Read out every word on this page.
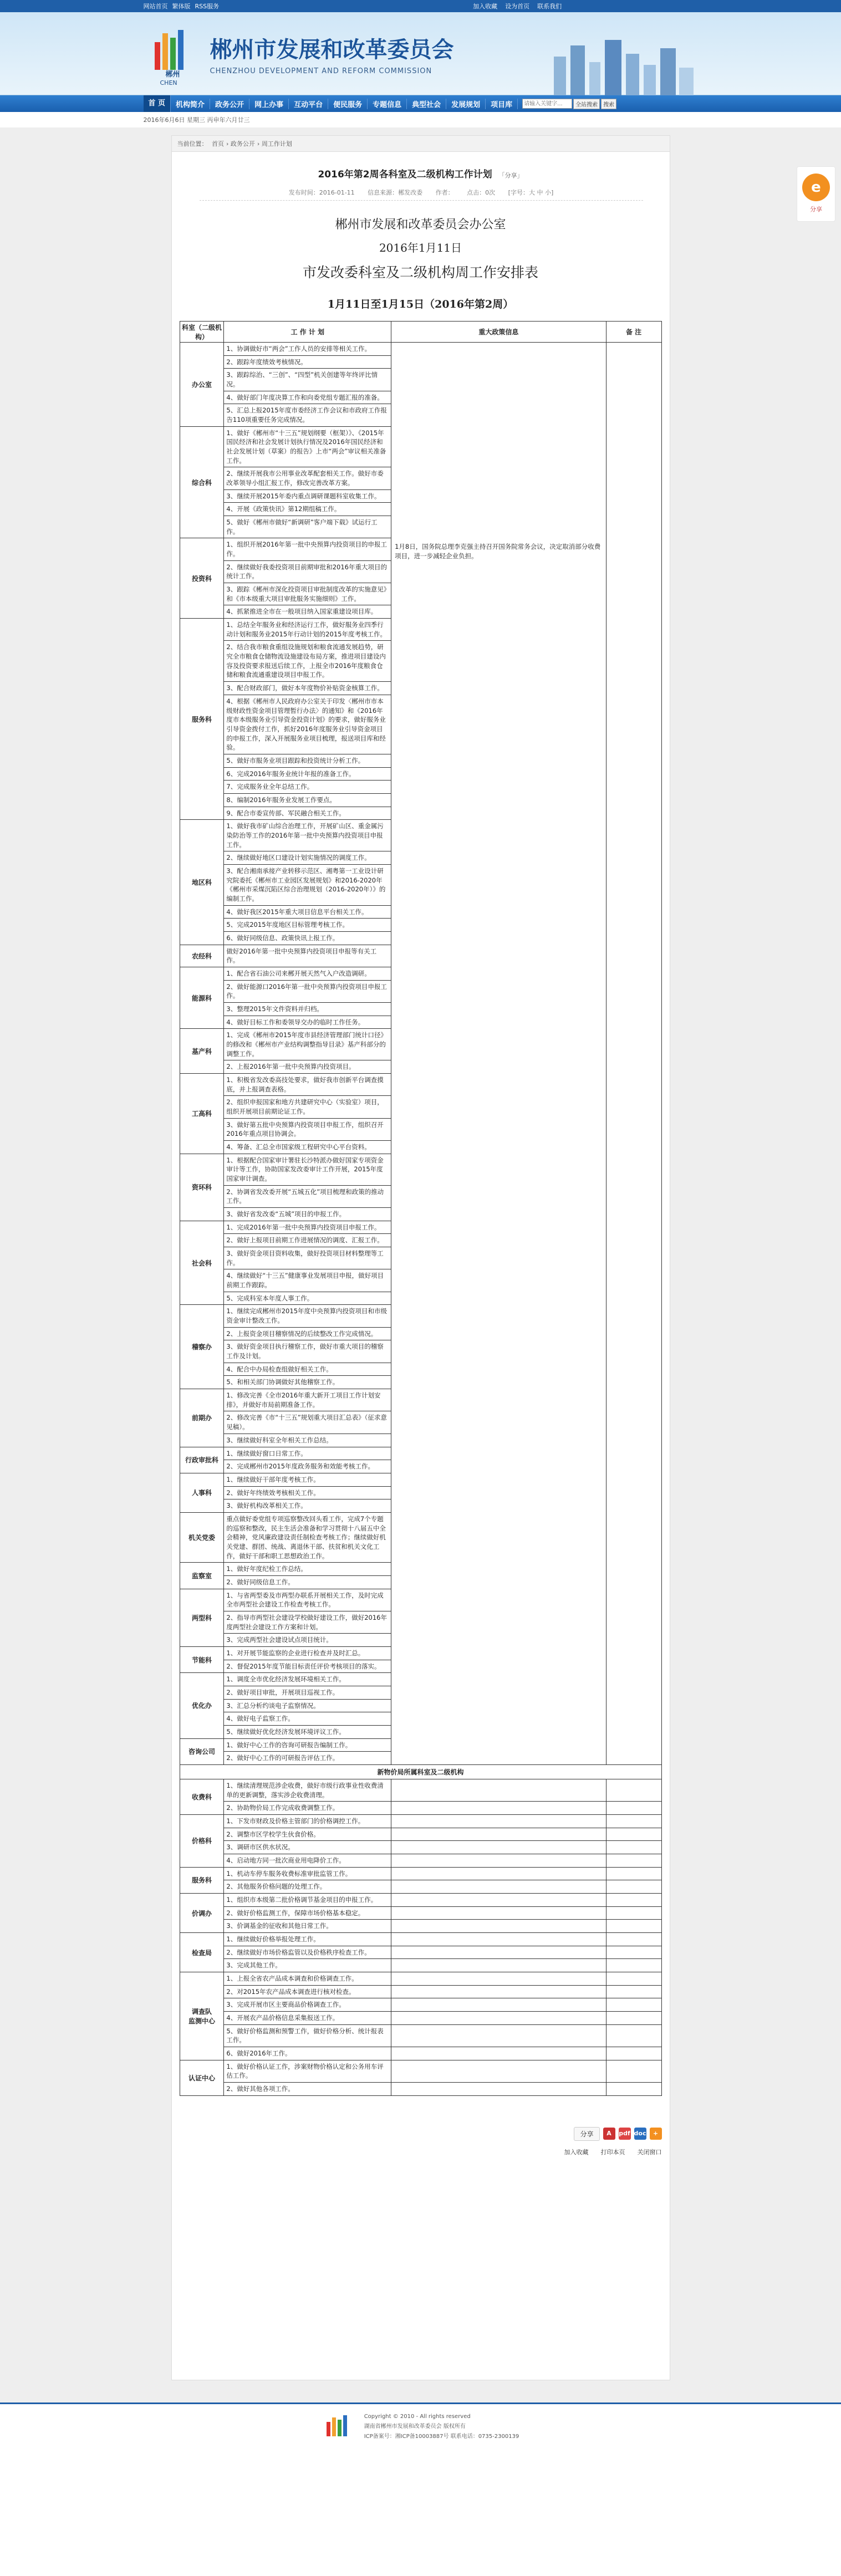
网站首页 繁体版 RSS服务	加入收藏 设为首页 联系我们
郴州
CHEN
郴州市发展和改革委员会
CHENZHOU DEVELOPMENT AND REFORM COMMISSION
首 页	机构简介	政务公开	网上办事	互动平台	便民服务	专题信息	典型社会	发展规划	项目库
请输入关键字...	全站搜索	搜索
2016年6月6日 星期三 丙申年六月廿三
当前位置： 首页 › 政务公开 › 周工作计划
2016年第2周各科室及二级机构工作计划 「分享」
发布时间：2016-01-11 信息来源：郴发改委 作者： 点击：0次 [字号：大 中 小]
郴州市发展和改革委员会办公室
2016年1月11日
市发改委科室及二级机构周工作安排表
1月11日至1月15日（2016年第2周）
科室（二级机构）	工 作 计 划	重大政策信息	备 注
办公室	1、协调做好市“两会”工作人员的安排等相关工作。	1月8日，国务院总理李克强主持召开国务院常务会议，决定取消部分收费项目，进一步减轻企业负担。	
	2、跟踪年度绩效考核情况。		
	3、跟踪综治、“三创”、“四型”机关创建等年终评比情况。		
	4、做好部门年度决算工作和向委党组专题汇报的准备。		
	5、汇总上报2015年度市委经济工作会议和市政府工作报告110项重要任务完成情况。		
综合科	1、做好《郴州市“十三五”规划纲要（框架）》、《2015年国民经济和社会发展计划执行情况及2016年国民经济和社会发展计划（草案）的报告》上市“两会”审议相关准备工作。		
	2、继续开展我市公用事业改革配套相关工作。做好市委改革领导小组汇报工作，修改完善改革方案。		
	3、继续开展2015年委内重点调研课题科室收集工作。		
	4、开展《政策快讯》第12期组稿工作。		
	5、做好《郴州市做好“新调研”客户端下载》试运行工作。		
投资科	1、组织开展2016年第一批中央预算内投资项目的申报工作。		
	2、继续做好我委投资项目前期审批和2016年重大项目的统计工作。		
	3、跟踪《郴州市深化投资项目审批制度改革的实施意见》和《市本级重大项目审批服务实施细则》工作。		
	4、抓紧推进全市在一般项目纳入国家重建设项目库。		
服务科	1、总结全年服务业和经济运行工作，做好服务业四季行动计划和服务业2015年行动计划的2015年度考核工作。		
	2、结合我市粮食重组设施规划和粮食流通发展趋势，研究全市粮食仓储物流设施建设布局方案，推进项目建设内容及投资要求报送后续工作，上报全市2016年度粮食仓储和粮食流通重建设项目申报工作。		
	3、配合财政部门，做好本年度物价补贴资金核算工作。		
	4、根据《郴州市人民政府办公室关于印发〈郴州市市本级财政性资金项目管理暂行办法〉的通知》和《2016年度市本级服务业引导资金投资计划》的要求，做好服务业引导资金拨付工作，抓好2016年度服务业引导资金项目的申报工作，深入开展服务业项目梳理，报送项目库和经验。		
	5、做好市服务业项目跟踪和投资统计分析工作。		
	6、完成2016年服务业统计年报的准备工作。		
	7、完成服务业全年总结工作。		
	8、编制2016年服务业发展工作要点。		
	9、配合市委宣传部、军民融合相关工作。		
地区科	1、做好我市矿山综合治理工作，开展矿山区、重金属污染防治等工作的2016年第一批中央预算内投资项目申报工作。		
	2、继续做好地区口建设计划实施情况的调度工作。		
	3、配合湘南承接产业转移示范区、湘粤第一工业设计研究院委托《郴州市工业园区发展规划》和2016-2020年《郴州市采煤沉陷区综合治理规划（2016-2020年）》的编制工作。		
	4、做好我区2015年重大项目信息平台相关工作。		
	5、完成2015年度地区目标管理考核工作。		
	6、做好同级信息、政策快讯上报工作。		
农经科	做好2016年第一批中央预算内投资项目申报等有关工作。		
能源科	1、配合省石油公司来郴开展天然气入户改造调研。		
	2、做好能源口2016年第一批中央预算内投资项目申报工作。		
	3、整理2015年文件资料并归档。		
	4、做好目标工作和委领导交办的临时工作任务。		
基产科	1、完成《郴州市2015年度市县经济管理部门统计口径》的修改和《郴州市产业结构调整指导目录》基产科部分的调整工作。		
	2、上报2016年第一批中央预算内投资项目。		
工高科	1、积极省发改委高技处要求，做好我市创新平台调查摸底，并上报调查表格。		
	2、组织申报国家和地方共建研究中心（实验室）项目，组织开展项目前期论证工作。		
	3、做好第五批中央预算内投资项目申报工作，组织召开2016年重点项目协调会。		
	4、筹备、汇总全市国家级工程研究中心平台资料。		
资环科	1、根据配合国家审计署驻长沙特派办做好国家专项资金审计等工作，协助国家发改委审计工作开展，2015年度国家审计调查。		
	2、协调省发改委开展“五城五化”项目梳理和政策的推动工作。		
	3、做好省发改委“五城”项目的申报工作。		
社会科	1、完成2016年第一批中央预算内投资项目申报工作。		
	2、做好上报项目前期工作进展情况的调度、汇报工作。		
	3、做好资金项目资料收集，做好投资项目材料整理等工作。		
	4、继续做好“十三五”健康事业发展项目申报，做好项目前期工作跟踪。		
	5、完成科室本年度人事工作。		
稽察办	1、继续完成郴州市2015年度中央预算内投资项目和市级资金审计整改工作。		
	2、上报资金项目稽察情况的后续整改工作完成情况。		
	3、做好资金项目执行稽察工作，做好市重大项目的稽察工作及计划。		
	4、配合中办局检查组做好相关工作。		
	5、和相关部门协调做好其他稽察工作。		
前期办	1、修改完善《全市2016年重大新开工项目工作计划安排》，并做好市局前期准备工作。		
	2、修改完善《市“十三五”规划重大项目汇总表》（征求意见稿）。		
	3、继续做好科室全年相关工作总结。		
行政审批科	1、继续做好窗口日常工作。		
	2、完成郴州市2015年度政务服务和效能考核工作。		
人事科	1、继续做好干部年度考核工作。		
	2、做好年终绩效考核相关工作。		
	3、做好机构改革相关工作。		
机关党委	重点做好委党组专项巡察整改回头看工作，完成7个专题的巡察和整改，民主生活会准备和学习贯彻十八届五中全会精神，党风廉政建设责任制检查考核工作；继续做好机关党建、群团、统战、离退休干部、扶贫和机关文化工作，做好干部和职工思想政治工作。		
监察室	1、做好年度纪检工作总结。		
	2、做好同级信息工作。		
两型科	1、与省两型委及市两型办联系开展相关工作，及时完成全市两型社会建设工作检查考核工作。		
	2、指导市两型社会建设学校做好建设工作，做好2016年度两型社会建设工作方案和计划。		
	3、完成两型社会建设试点项目统计。		
节能科	1、对开展节能监察的企业进行检查并及时汇总。		
	2、督促2015年度节能目标责任评价考核项目的落实。		
优化办	1、调度全市优化经济发展环境相关工作。		
	2、做好项目审批，开展项目巡视工作。		
	3、汇总分析约谈电子监察情况。		
	4、做好电子监察工作。		
	5、继续做好优化经济发展环境评议工作。		
咨询公司	1、做好中心工作的咨询可研报告编制工作。		
	2、做好中心工作的可研报告评估工作。		
新物价局所属科室及二级机构			
收费科	1、继续清理规范涉企收费，做好市级行政事业性收费清单的更新调整，落实涉企收费清理。		
	2、协助物价局工作完成收费调整工作。		
价格科	1、下发市财政及价格主管部门的价格调控工作。		
	2、调整市区学校学生伙食价格。		
	3、调研市区供水状况。		
	4、启动地方同一批次商业用电降价工作。		
服务科	1、机动车停车服务收费标准审批监管工作。		
	2、其他服务价格问题的处理工作。		
价调办	1、组织市本级第二批价格调节基金项目的申报工作。		
	2、做好价格监测工作，保障市场价格基本稳定。		
	3、价调基金的征收和其他日常工作。		
检查局	1、继续做好价格举报处理工作。		
	2、继续做好市场价格监管以及价格秩序检查工作。		
	3、完成其他工作。		
调查队
监测中心	1、上报全省农产品成本调查和价格调查工作。		
	2、对2015年农产品成本调查进行核对检查。		
	3、完成开展市区主要商品价格调查工作。		
	4、开展农产品价格信息采集报送工作。		
	5、做好价格监测和预警工作，做好价格分析、统计报表工作。		
	6、做好2016年工作。		
认证中心	1、做好价格认证工作，涉案财物价格认定和公务用车评估工作。		
	2、做好其他各项工作。		
分享	A	pdf doc	+
加入收藏 打印本页 关闭窗口
e
分享
Copyright © 2010 - All rights reserved
湖南省郴州市发展和改革委员会 版权所有
ICP备案号：湘ICP备10003887号 联系电话：0735-2300139
